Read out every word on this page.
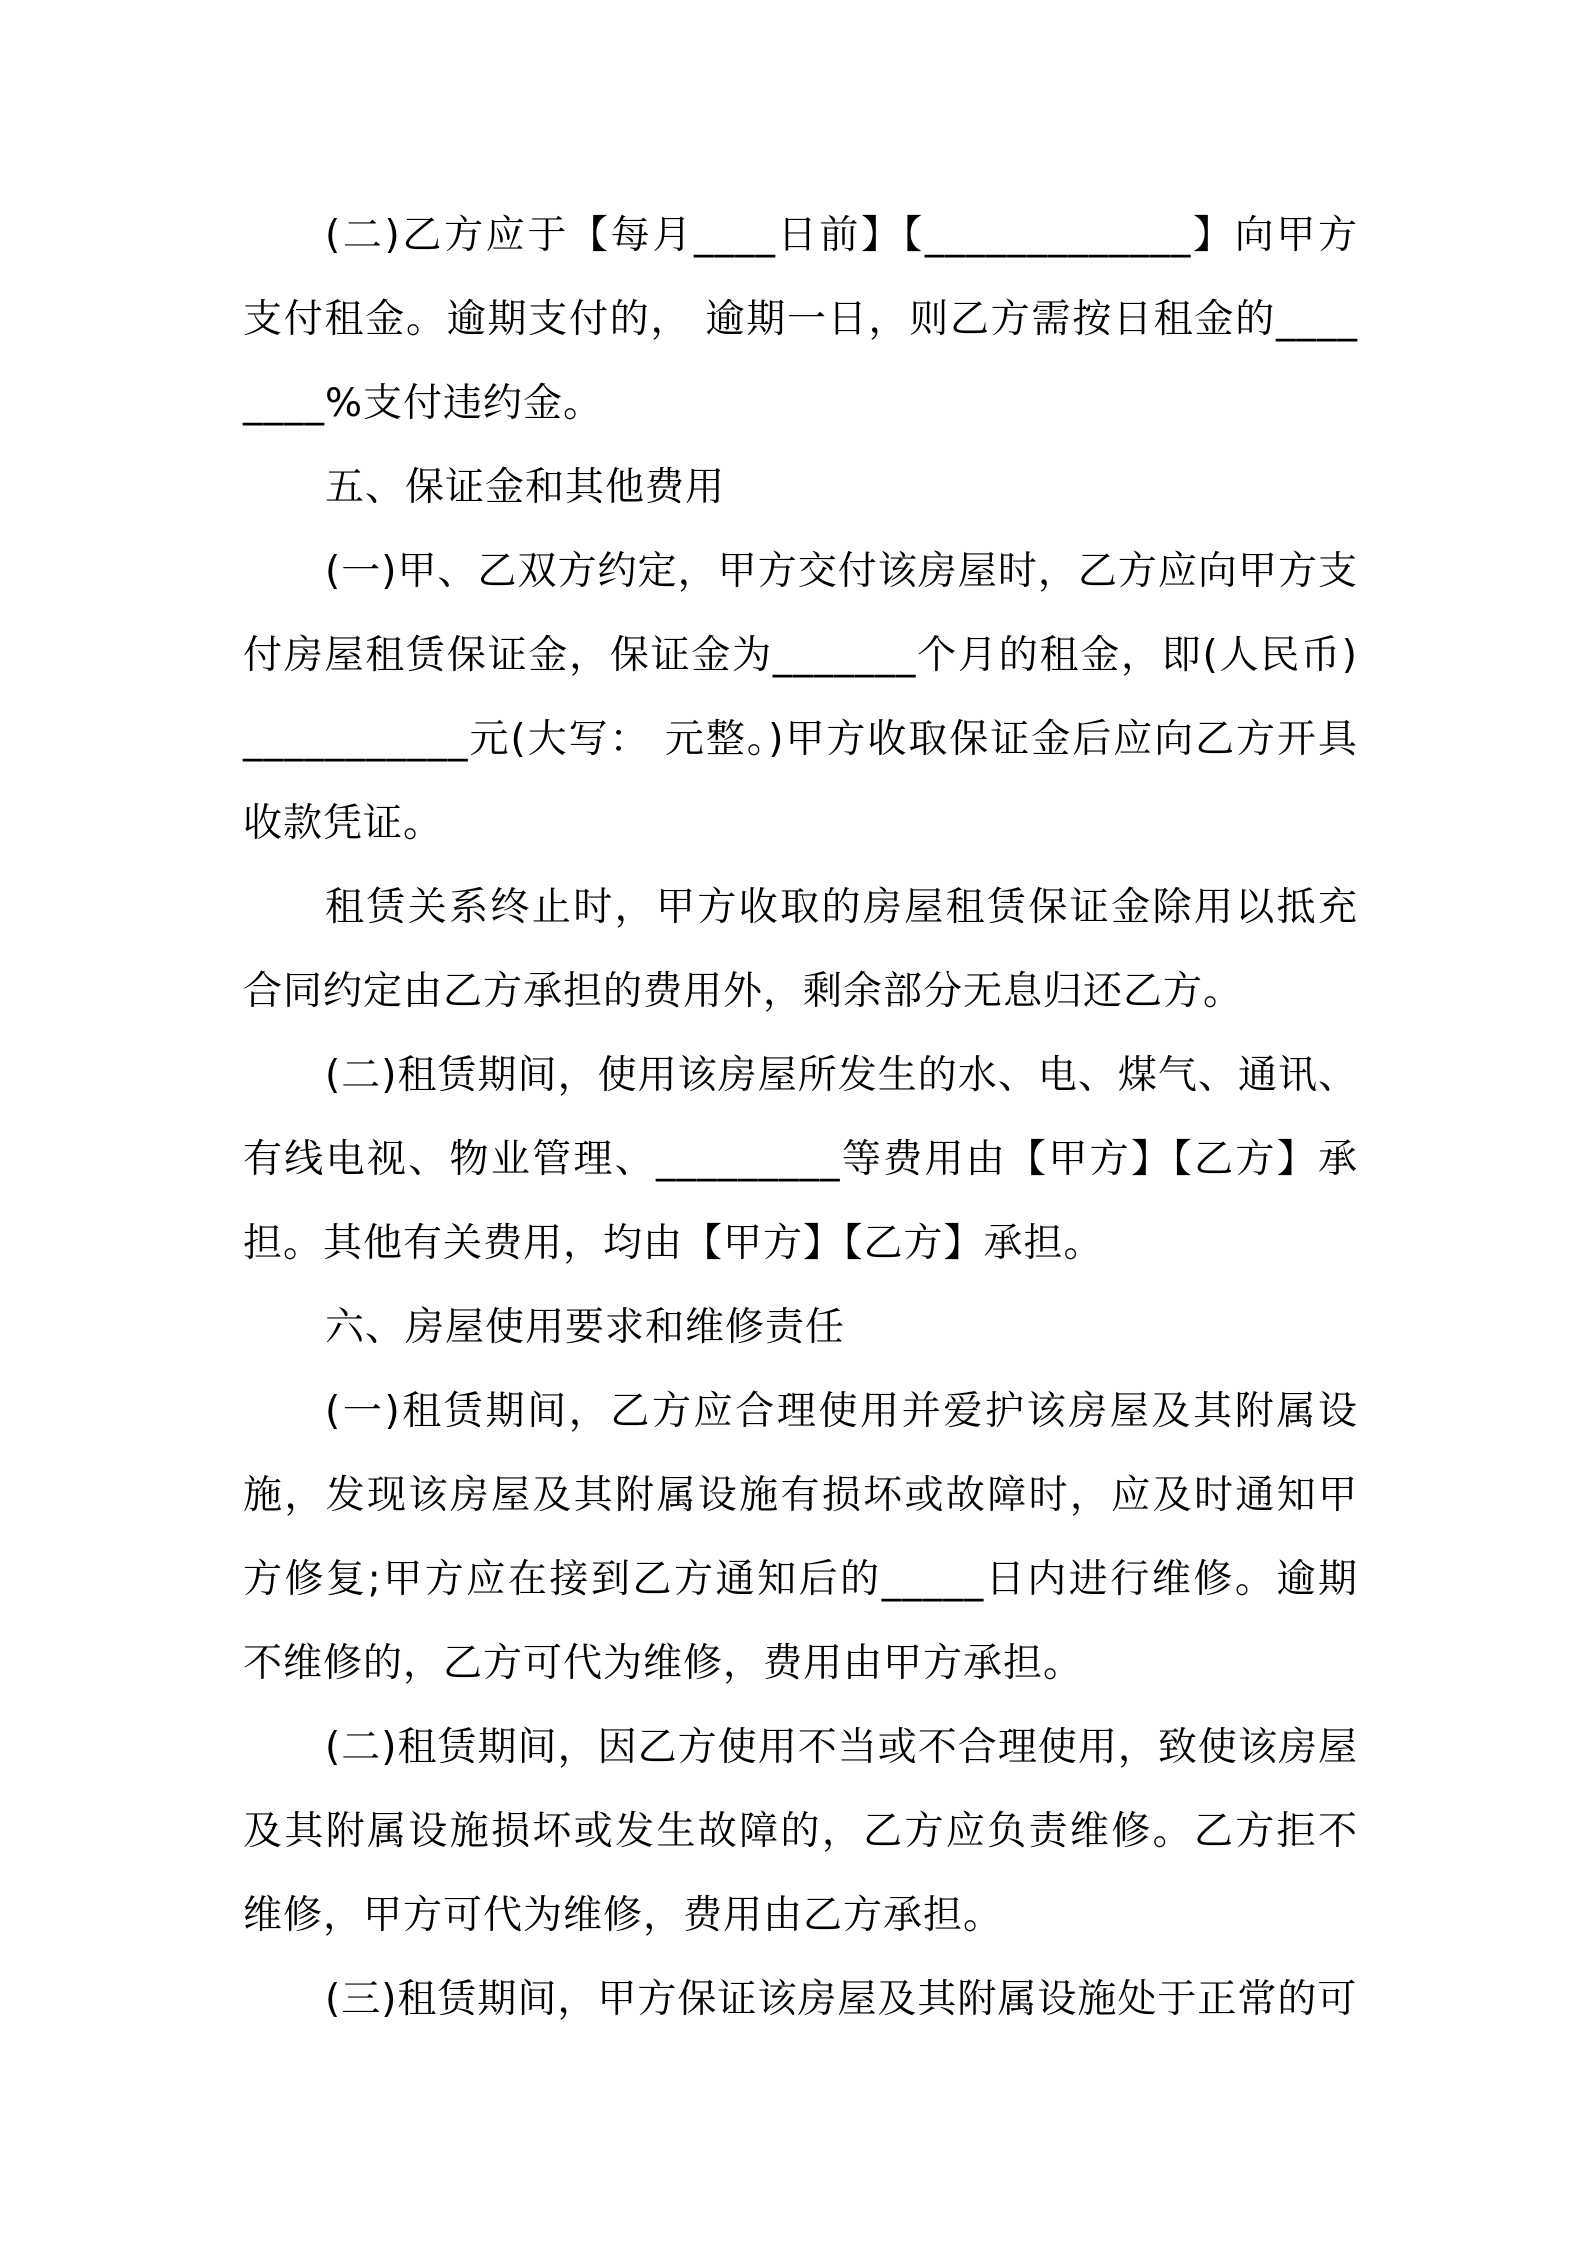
(二)乙方应于【每月____日前】【_____________】向甲方支付租金。逾期支付的， 逾期一日，则乙方需按日租金的________%支付违约金。

五、保证金和其他费用

(一)甲、乙双方约定，甲方交付该房屋时，乙方应向甲方支付房屋租赁保证金，保证金为_______个月的租金，即(人民币)___________元(大写： 元整。)甲方收取保证金后应向乙方开具收款凭证。

租赁关系终止时，甲方收取的房屋租赁保证金除用以抵充合同约定由乙方承担的费用外，剩余部分无息归还乙方。

(二)租赁期间，使用该房屋所发生的水、电、煤气、通讯、有线电视、物业管理、_________等费用由【甲方】【乙方】承担。其他有关费用，均由【甲方】【乙方】承担。

六、房屋使用要求和维修责任

(一)租赁期间，乙方应合理使用并爱护该房屋及其附属设施，发现该房屋及其附属设施有损坏或故障时，应及时通知甲方修复;甲方应在接到乙方通知后的_____日内进行维修。逾期不维修的，乙方可代为维修，费用由甲方承担。

(二)租赁期间，因乙方使用不当或不合理使用，致使该房屋及其附属设施损坏或发生故障的，乙方应负责维修。乙方拒不维修，甲方可代为维修，费用由乙方承担。

(三)租赁期间，甲方保证该房屋及其附属设施处于正常的可
